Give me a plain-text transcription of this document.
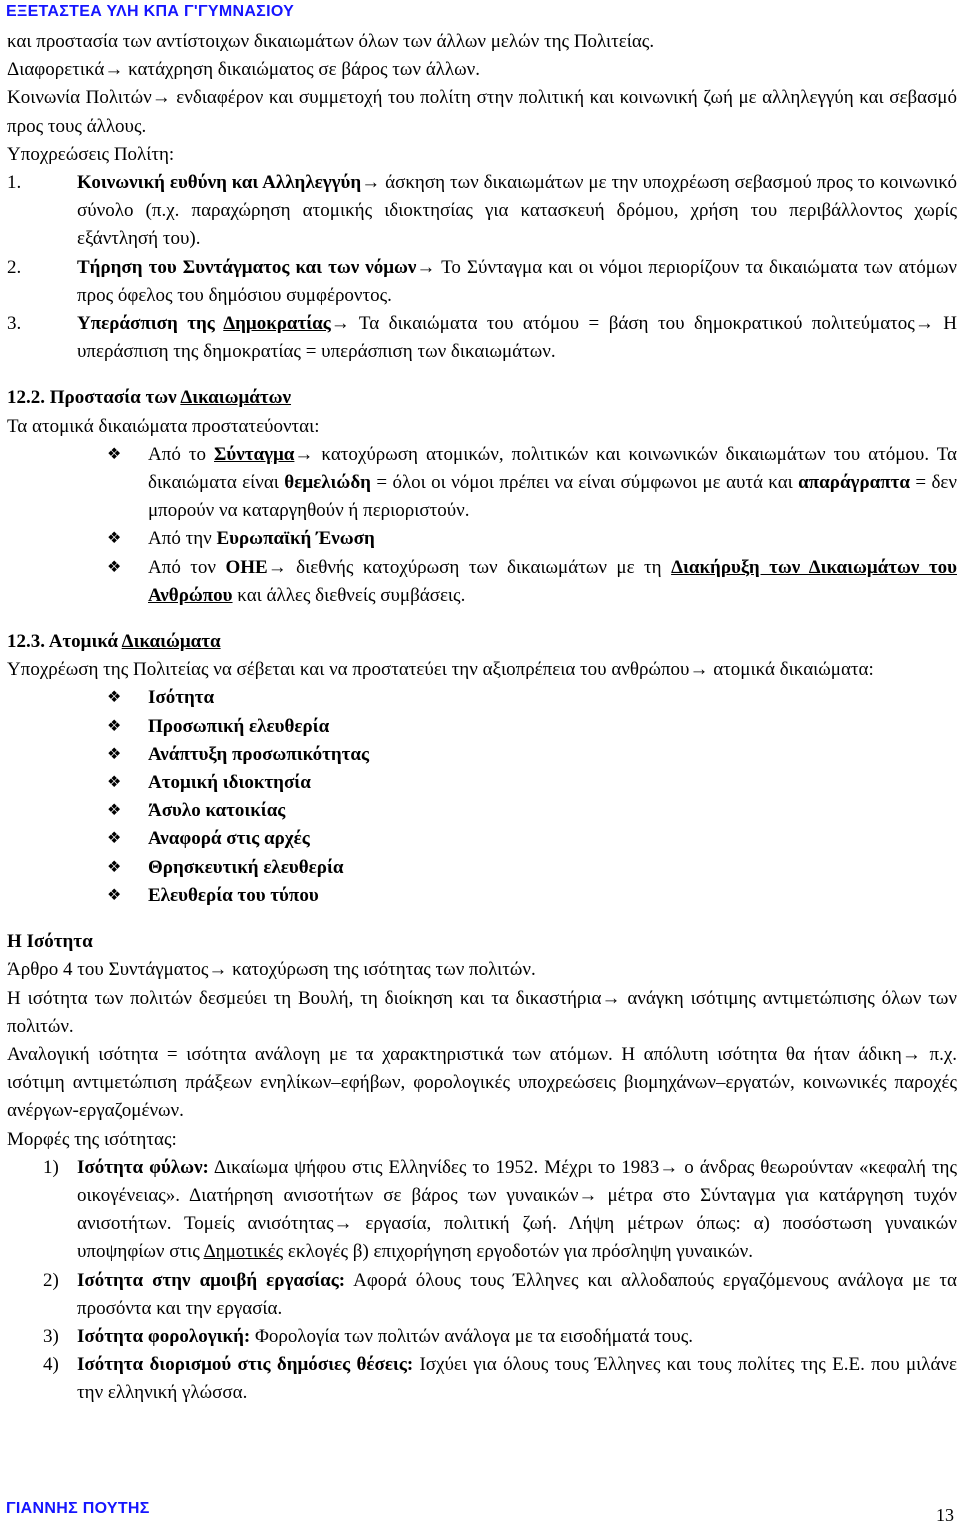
ΕΞΕΤΑΣΤΕΑ ΥΛΗ ΚΠΑ Γ'ΓΥΜΝΑΣΙΟΥ

και προστασία των αντίστοιχων δικαιωμάτων όλων των άλλων μελών της Πολιτείας.

Διαφορετικά→ κατάχρηση δικαιώματος σε βάρος των άλλων.

Κοινωνία Πολιτών→ ενδιαφέρον και συμμετοχή του πολίτη στην πολιτική και κοινωνική ζωή με αλληλεγγύη και σεβασμό προς τους άλλους.

Υποχρεώσεις Πολίτη:

1.	Κοινωνική ευθύνη και Αλληλεγγύη→ άσκηση των δικαιωμάτων με την υποχρέωση σεβασμού προς το κοινωνικό σύνολο (π.χ. παραχώρηση ατομικής ιδιοκτησίας για κατασκευή δρόμου, χρήση του περιβάλλοντος χωρίς εξάντλησή του).
2.	Τήρηση του Συντάγματος και των νόμων→ Το Σύνταγμα και οι νόμοι περιορίζουν τα δικαιώματα των ατόμων προς όφελος του δημόσιου συμφέροντος.
3.	Υπεράσπιση της Δημοκρατίας→ Τα δικαιώματα του ατόμου = βάση του δημοκρατικού πολιτεύματος→ Η υπεράσπιση της δημοκρατίας = υπεράσπιση των δικαιωμάτων.

12.2. Προστασία των Δικαιωμάτων

Τα ατομικά δικαιώματα προστατεύονται:

❖ Από το Σύνταγμα→ κατοχύρωση ατομικών, πολιτικών και κοινωνικών δικαιωμάτων του ατόμου. Τα δικαιώματα είναι θεμελιώδη = όλοι οι νόμοι πρέπει να είναι σύμφωνοι με αυτά και απαράγραπτα = δεν μπορούν να καταργηθούν ή περιοριστούν.
❖ Από την Ευρωπαϊκή Ένωση
❖ Από τον ΟΗΕ→ διεθνής κατοχύρωση των δικαιωμάτων με τη Διακήρυξη των Δικαιωμάτων του Ανθρώπου και άλλες διεθνείς συμβάσεις.

12.3. Ατομικά Δικαιώματα

Υποχρέωση της Πολιτείας να σέβεται και να προστατεύει την αξιοπρέπεια του ανθρώπου→ ατομικά δικαιώματα:

❖ Ισότητα
❖ Προσωπική ελευθερία
❖ Ανάπτυξη προσωπικότητας
❖ Ατομική ιδιοκτησία
❖ Άσυλο κατοικίας
❖ Αναφορά στις αρχές
❖ Θρησκευτική ελευθερία
❖ Ελευθερία του τύπου

Η Ισότητα

Άρθρο 4 του Συντάγματος→ κατοχύρωση της ισότητας των πολιτών.

Η ισότητα των πολιτών δεσμεύει τη Βουλή, τη διοίκηση και τα δικαστήρια→ ανάγκη ισότιμης αντιμετώπισης όλων των πολιτών.

Αναλογική ισότητα = ισότητα ανάλογη με τα χαρακτηριστικά των ατόμων. Η απόλυτη ισότητα θα ήταν άδικη→ π.χ. ισότιμη αντιμετώπιση πράξεων ενηλίκων–εφήβων, φορολογικές υποχρεώσεις βιομηχάνων–εργατών, κοινωνικές παροχές ανέργων-εργαζομένων.

Μορφές της ισότητας:

1) Ισότητα φύλων: Δικαίωμα ψήφου στις Ελληνίδες το 1952. Μέχρι το 1983→ ο άνδρας θεωρούνταν «κεφαλή της οικογένειας». Διατήρηση ανισοτήτων σε βάρος των γυναικών→ μέτρα στο Σύνταγμα για κατάργηση τυχόν ανισοτήτων. Τομείς ανισότητας→ εργασία, πολιτική ζωή. Λήψη μέτρων όπως: α) ποσόστωση γυναικών υποψηφίων στις Δημοτικές εκλογές β) επιχορήγηση εργοδοτών για πρόσληψη γυναικών.
2) Ισότητα στην αμοιβή εργασίας: Αφορά όλους τους Έλληνες και αλλοδαπούς εργαζόμενους ανάλογα με τα προσόντα και την εργασία.
3) Ισότητα φορολογική: Φορολογία των πολιτών ανάλογα με τα εισοδήματά τους.
4) Ισότητα διορισμού στις δημόσιες θέσεις: Ισχύει για όλους τους Έλληνες και τους πολίτες της Ε.Ε. που μιλάνε την ελληνική γλώσσα.
ΓΙΑΝΝΗΣ ΠΟΥΤΗΣ	13
